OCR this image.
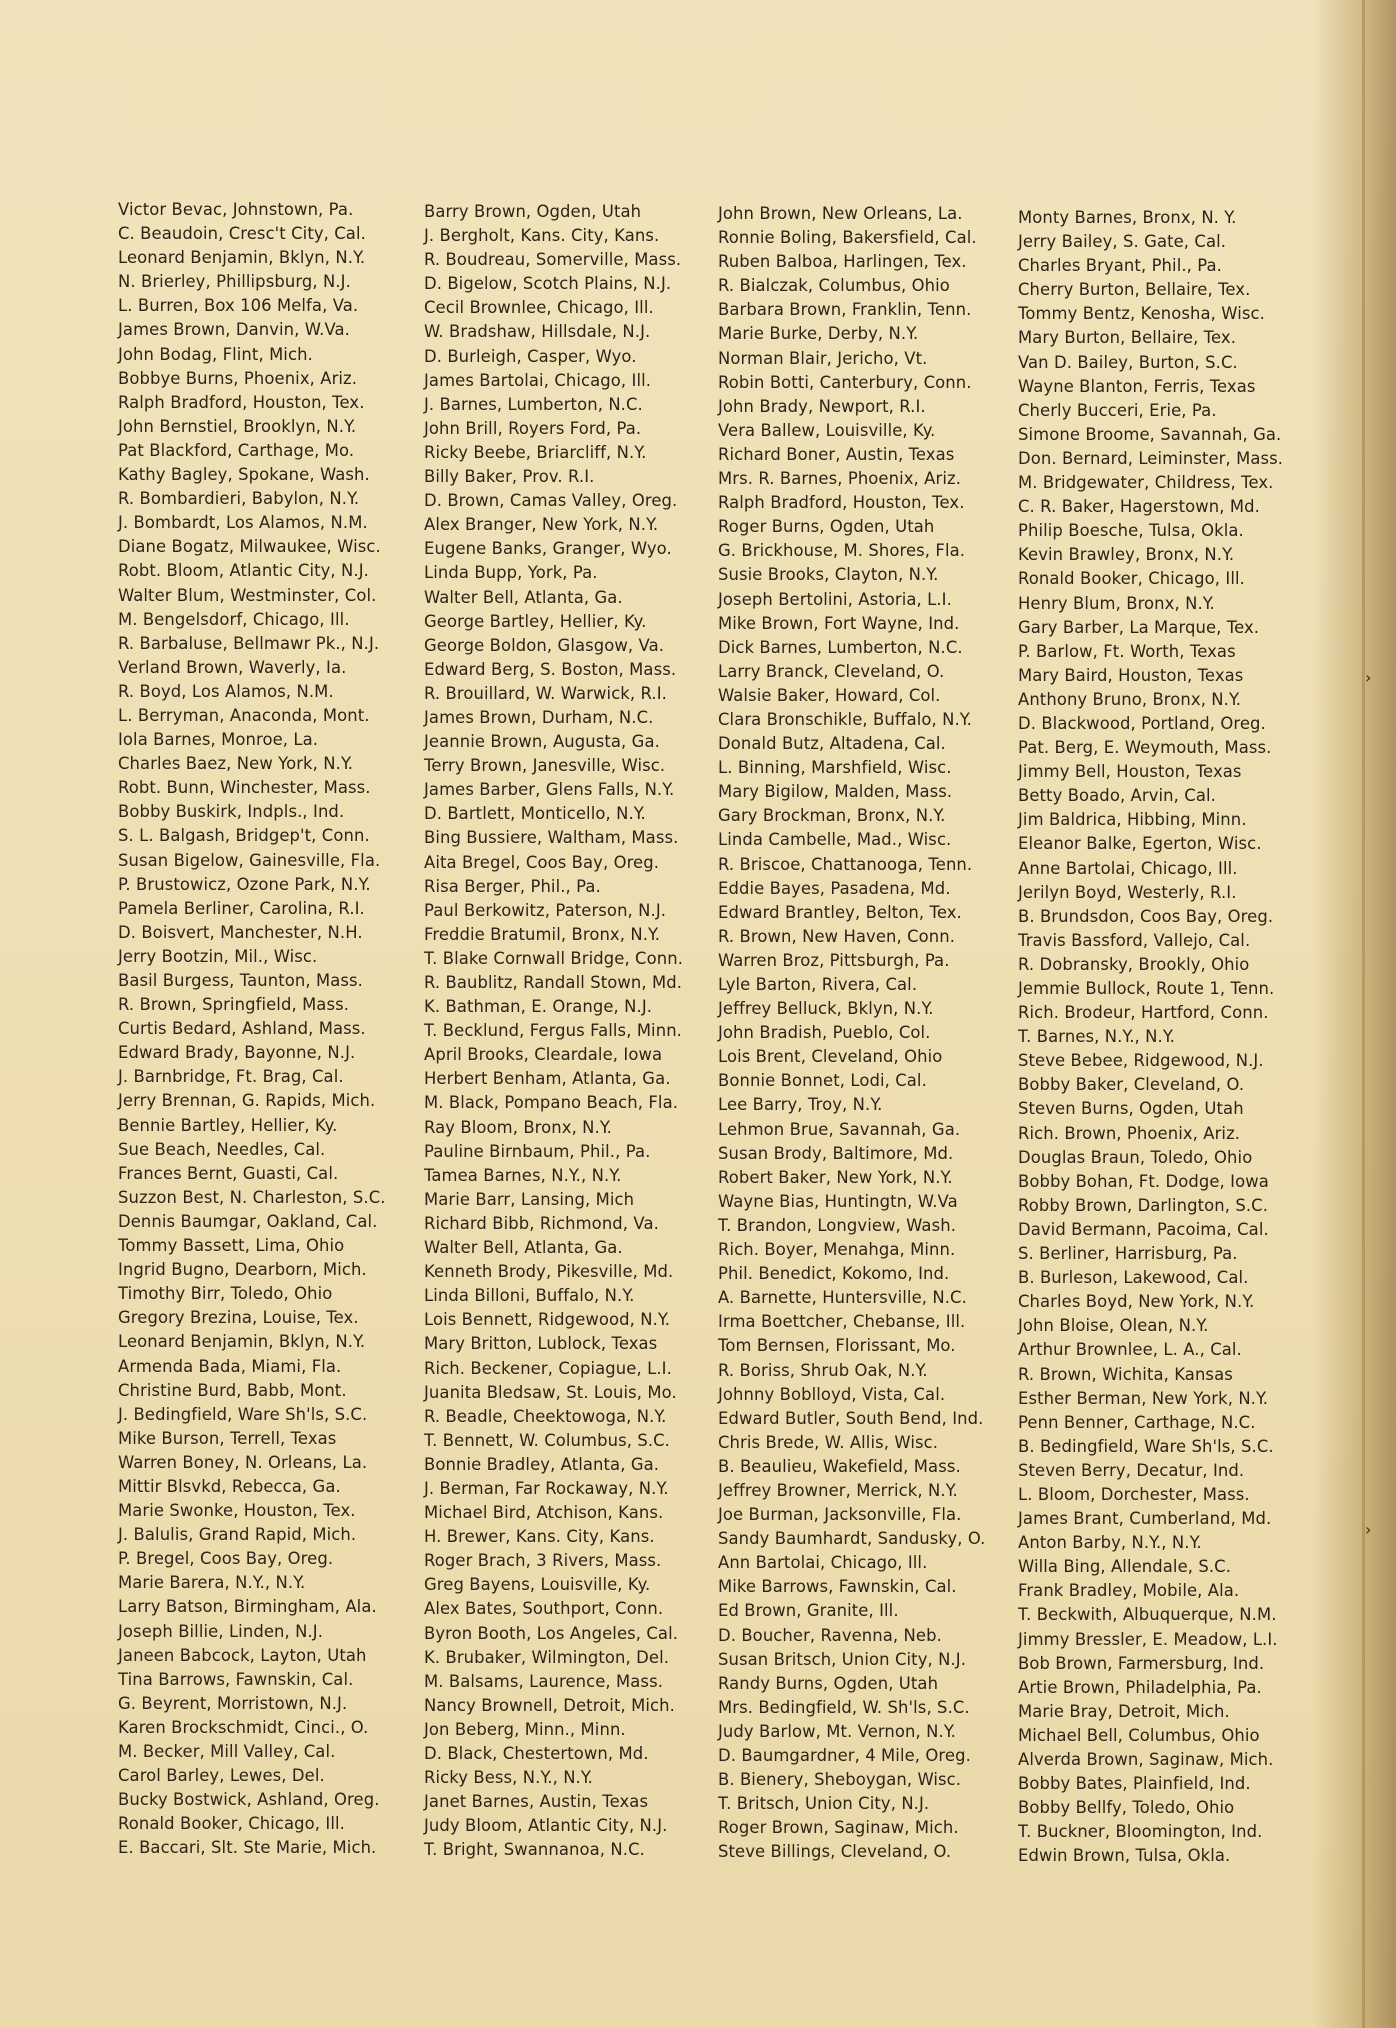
›
›
Victor Bevac, Johnstown, Pa.
C. Beaudoin, Cresc't City, Cal.
Leonard Benjamin, Bklyn, N.Y.
N. Brierley, Phillipsburg, N.J.
L. Burren, Box 106 Melfa, Va.
James Brown, Danvin, W.Va.
John Bodag, Flint, Mich.
Bobbye Burns, Phoenix, Ariz.
Ralph Bradford, Houston, Tex.
John Bernstiel, Brooklyn, N.Y.
Pat Blackford, Carthage, Mo.
Kathy Bagley, Spokane, Wash.
R. Bombardieri, Babylon, N.Y.
J. Bombardt, Los Alamos, N.M.
Diane Bogatz, Milwaukee, Wisc.
Robt. Bloom, Atlantic City, N.J.
Walter Blum, Westminster, Col.
M. Bengelsdorf, Chicago, Ill.
R. Barbaluse, Bellmawr Pk., N.J.
Verland Brown, Waverly, Ia.
R. Boyd, Los Alamos, N.M.
L. Berryman, Anaconda, Mont.
Iola Barnes, Monroe, La.
Charles Baez, New York, N.Y.
Robt. Bunn, Winchester, Mass.
Bobby Buskirk, Indpls., Ind.
S. L. Balgash, Bridgep't, Conn.
Susan Bigelow, Gainesville, Fla.
P. Brustowicz, Ozone Park, N.Y.
Pamela Berliner, Carolina, R.I.
D. Boisvert, Manchester, N.H.
Jerry Bootzin, Mil., Wisc.
Basil Burgess, Taunton, Mass.
R. Brown, Springfield, Mass.
Curtis Bedard, Ashland, Mass.
Edward Brady, Bayonne, N.J.
J. Barnbridge, Ft. Brag, Cal.
Jerry Brennan, G. Rapids, Mich.
Bennie Bartley, Hellier, Ky.
Sue Beach, Needles, Cal.
Frances Bernt, Guasti, Cal.
Suzzon Best, N. Charleston, S.C.
Dennis Baumgar, Oakland, Cal.
Tommy Bassett, Lima, Ohio
Ingrid Bugno, Dearborn, Mich.
Timothy Birr, Toledo, Ohio
Gregory Brezina, Louise, Tex.
Leonard Benjamin, Bklyn, N.Y.
Armenda Bada, Miami, Fla.
Christine Burd, Babb, Mont.
J. Bedingfield, Ware Sh'ls, S.C.
Mike Burson, Terrell, Texas
Warren Boney, N. Orleans, La.
Mittir Blsvkd, Rebecca, Ga.
Marie Swonke, Houston, Tex.
J. Balulis, Grand Rapid, Mich.
P. Bregel, Coos Bay, Oreg.
Marie Barera, N.Y., N.Y.
Larry Batson, Birmingham, Ala.
Joseph Billie, Linden, N.J.
Janeen Babcock, Layton, Utah
Tina Barrows, Fawnskin, Cal.
G. Beyrent, Morristown, N.J.
Karen Brockschmidt, Cinci., O.
M. Becker, Mill Valley, Cal.
Carol Barley, Lewes, Del.
Bucky Bostwick, Ashland, Oreg.
Ronald Booker, Chicago, Ill.
E. Baccari, Slt. Ste Marie, Mich.
Barry Brown, Ogden, Utah
J. Bergholt, Kans. City, Kans.
R. Boudreau, Somerville, Mass.
D. Bigelow, Scotch Plains, N.J.
Cecil Brownlee, Chicago, Ill.
W. Bradshaw, Hillsdale, N.J.
D. Burleigh, Casper, Wyo.
James Bartolai, Chicago, Ill.
J. Barnes, Lumberton, N.C.
John Brill, Royers Ford, Pa.
Ricky Beebe, Briarcliff, N.Y.
Billy Baker, Prov. R.I.
D. Brown, Camas Valley, Oreg.
Alex Branger, New York, N.Y.
Eugene Banks, Granger, Wyo.
Linda Bupp, York, Pa.
Walter Bell, Atlanta, Ga.
George Bartley, Hellier, Ky.
George Boldon, Glasgow, Va.
Edward Berg, S. Boston, Mass.
R. Brouillard, W. Warwick, R.I.
James Brown, Durham, N.C.
Jeannie Brown, Augusta, Ga.
Terry Brown, Janesville, Wisc.
James Barber, Glens Falls, N.Y.
D. Bartlett, Monticello, N.Y.
Bing Bussiere, Waltham, Mass.
Aita Bregel, Coos Bay, Oreg.
Risa Berger, Phil., Pa.
Paul Berkowitz, Paterson, N.J.
Freddie Bratumil, Bronx, N.Y.
T. Blake Cornwall Bridge, Conn.
R. Baublitz, Randall Stown, Md.
K. Bathman, E. Orange, N.J.
T. Becklund, Fergus Falls, Minn.
April Brooks, Cleardale, Iowa
Herbert Benham, Atlanta, Ga.
M. Black, Pompano Beach, Fla.
Ray Bloom, Bronx, N.Y.
Pauline Birnbaum, Phil., Pa.
Tamea Barnes, N.Y., N.Y.
Marie Barr, Lansing, Mich
Richard Bibb, Richmond, Va.
Walter Bell, Atlanta, Ga.
Kenneth Brody, Pikesville, Md.
Linda Billoni, Buffalo, N.Y.
Lois Bennett, Ridgewood, N.Y.
Mary Britton, Lublock, Texas
Rich. Beckener, Copiague, L.I.
Juanita Bledsaw, St. Louis, Mo.
R. Beadle, Cheektowoga, N.Y.
T. Bennett, W. Columbus, S.C.
Bonnie Bradley, Atlanta, Ga.
J. Berman, Far Rockaway, N.Y.
Michael Bird, Atchison, Kans.
H. Brewer, Kans. City, Kans.
Roger Brach, 3 Rivers, Mass.
Greg Bayens, Louisville, Ky.
Alex Bates, Southport, Conn.
Byron Booth, Los Angeles, Cal.
K. Brubaker, Wilmington, Del.
M. Balsams, Laurence, Mass.
Nancy Brownell, Detroit, Mich.
Jon Beberg, Minn., Minn.
D. Black, Chestertown, Md.
Ricky Bess, N.Y., N.Y.
Janet Barnes, Austin, Texas
Judy Bloom, Atlantic City, N.J.
T. Bright, Swannanoa, N.C.
John Brown, New Orleans, La.
Ronnie Boling, Bakersfield, Cal.
Ruben Balboa, Harlingen, Tex.
R. Bialczak, Columbus, Ohio
Barbara Brown, Franklin, Tenn.
Marie Burke, Derby, N.Y.
Norman Blair, Jericho, Vt.
Robin Botti, Canterbury, Conn.
John Brady, Newport, R.I.
Vera Ballew, Louisville, Ky.
Richard Boner, Austin, Texas
Mrs. R. Barnes, Phoenix, Ariz.
Ralph Bradford, Houston, Tex.
Roger Burns, Ogden, Utah
G. Brickhouse, M. Shores, Fla.
Susie Brooks, Clayton, N.Y.
Joseph Bertolini, Astoria, L.I.
Mike Brown, Fort Wayne, Ind.
Dick Barnes, Lumberton, N.C.
Larry Branck, Cleveland, O.
Walsie Baker, Howard, Col.
Clara Bronschikle, Buffalo, N.Y.
Donald Butz, Altadena, Cal.
L. Binning, Marshfield, Wisc.
Mary Bigilow, Malden, Mass.
Gary Brockman, Bronx, N.Y.
Linda Cambelle, Mad., Wisc.
R. Briscoe, Chattanooga, Tenn.
Eddie Bayes, Pasadena, Md.
Edward Brantley, Belton, Tex.
R. Brown, New Haven, Conn.
Warren Broz, Pittsburgh, Pa.
Lyle Barton, Rivera, Cal.
Jeffrey Belluck, Bklyn, N.Y.
John Bradish, Pueblo, Col.
Lois Brent, Cleveland, Ohio
Bonnie Bonnet, Lodi, Cal.
Lee Barry, Troy, N.Y.
Lehmon Brue, Savannah, Ga.
Susan Brody, Baltimore, Md.
Robert Baker, New York, N.Y.
Wayne Bias, Huntingtn, W.Va
T. Brandon, Longview, Wash.
Rich. Boyer, Menahga, Minn.
Phil. Benedict, Kokomo, Ind.
A. Barnette, Huntersville, N.C.
Irma Boettcher, Chebanse, Ill.
Tom Bernsen, Florissant, Mo.
R. Boriss, Shrub Oak, N.Y.
Johnny Boblloyd, Vista, Cal.
Edward Butler, South Bend, Ind.
Chris Brede, W. Allis, Wisc.
B. Beaulieu, Wakefield, Mass.
Jeffrey Browner, Merrick, N.Y.
Joe Burman, Jacksonville, Fla.
Sandy Baumhardt, Sandusky, O.
Ann Bartolai, Chicago, Ill.
Mike Barrows, Fawnskin, Cal.
Ed Brown, Granite, Ill.
D. Boucher, Ravenna, Neb.
Susan Britsch, Union City, N.J.
Randy Burns, Ogden, Utah
Mrs. Bedingfield, W. Sh'ls, S.C.
Judy Barlow, Mt. Vernon, N.Y.
D. Baumgardner, 4 Mile, Oreg.
B. Bienery, Sheboygan, Wisc.
T. Britsch, Union City, N.J.
Roger Brown, Saginaw, Mich.
Steve Billings, Cleveland, O.
Monty Barnes, Bronx, N. Y.
Jerry Bailey, S. Gate, Cal.
Charles Bryant, Phil., Pa.
Cherry Burton, Bellaire, Tex.
Tommy Bentz, Kenosha, Wisc.
Mary Burton, Bellaire, Tex.
Van D. Bailey, Burton, S.C.
Wayne Blanton, Ferris, Texas
Cherly Bucceri, Erie, Pa.
Simone Broome, Savannah, Ga.
Don. Bernard, Leiminster, Mass.
M. Bridgewater, Childress, Tex.
C. R. Baker, Hagerstown, Md.
Philip Boesche, Tulsa, Okla.
Kevin Brawley, Bronx, N.Y.
Ronald Booker, Chicago, Ill.
Henry Blum, Bronx, N.Y.
Gary Barber, La Marque, Tex.
P. Barlow, Ft. Worth, Texas
Mary Baird, Houston, Texas
Anthony Bruno, Bronx, N.Y.
D. Blackwood, Portland, Oreg.
Pat. Berg, E. Weymouth, Mass.
Jimmy Bell, Houston, Texas
Betty Boado, Arvin, Cal.
Jim Baldrica, Hibbing, Minn.
Eleanor Balke, Egerton, Wisc.
Anne Bartolai, Chicago, Ill.
Jerilyn Boyd, Westerly, R.I.
B. Brundsdon, Coos Bay, Oreg.
Travis Bassford, Vallejo, Cal.
R. Dobransky, Brookly, Ohio
Jemmie Bullock, Route 1, Tenn.
Rich. Brodeur, Hartford, Conn.
T. Barnes, N.Y., N.Y.
Steve Bebee, Ridgewood, N.J.
Bobby Baker, Cleveland, O.
Steven Burns, Ogden, Utah
Rich. Brown, Phoenix, Ariz.
Douglas Braun, Toledo, Ohio
Bobby Bohan, Ft. Dodge, Iowa
Robby Brown, Darlington, S.C.
David Bermann, Pacoima, Cal.
S. Berliner, Harrisburg, Pa.
B. Burleson, Lakewood, Cal.
Charles Boyd, New York, N.Y.
John Bloise, Olean, N.Y.
Arthur Brownlee, L. A., Cal.
R. Brown, Wichita, Kansas
Esther Berman, New York, N.Y.
Penn Benner, Carthage, N.C.
B. Bedingfield, Ware Sh'ls, S.C.
Steven Berry, Decatur, Ind.
L. Bloom, Dorchester, Mass.
James Brant, Cumberland, Md.
Anton Barby, N.Y., N.Y.
Willa Bing, Allendale, S.C.
Frank Bradley, Mobile, Ala.
T. Beckwith, Albuquerque, N.M.
Jimmy Bressler, E. Meadow, L.I.
Bob Brown, Farmersburg, Ind.
Artie Brown, Philadelphia, Pa.
Marie Bray, Detroit, Mich.
Michael Bell, Columbus, Ohio
Alverda Brown, Saginaw, Mich.
Bobby Bates, Plainfield, Ind.
Bobby Bellfy, Toledo, Ohio
T. Buckner, Bloomington, Ind.
Edwin Brown, Tulsa, Okla.
